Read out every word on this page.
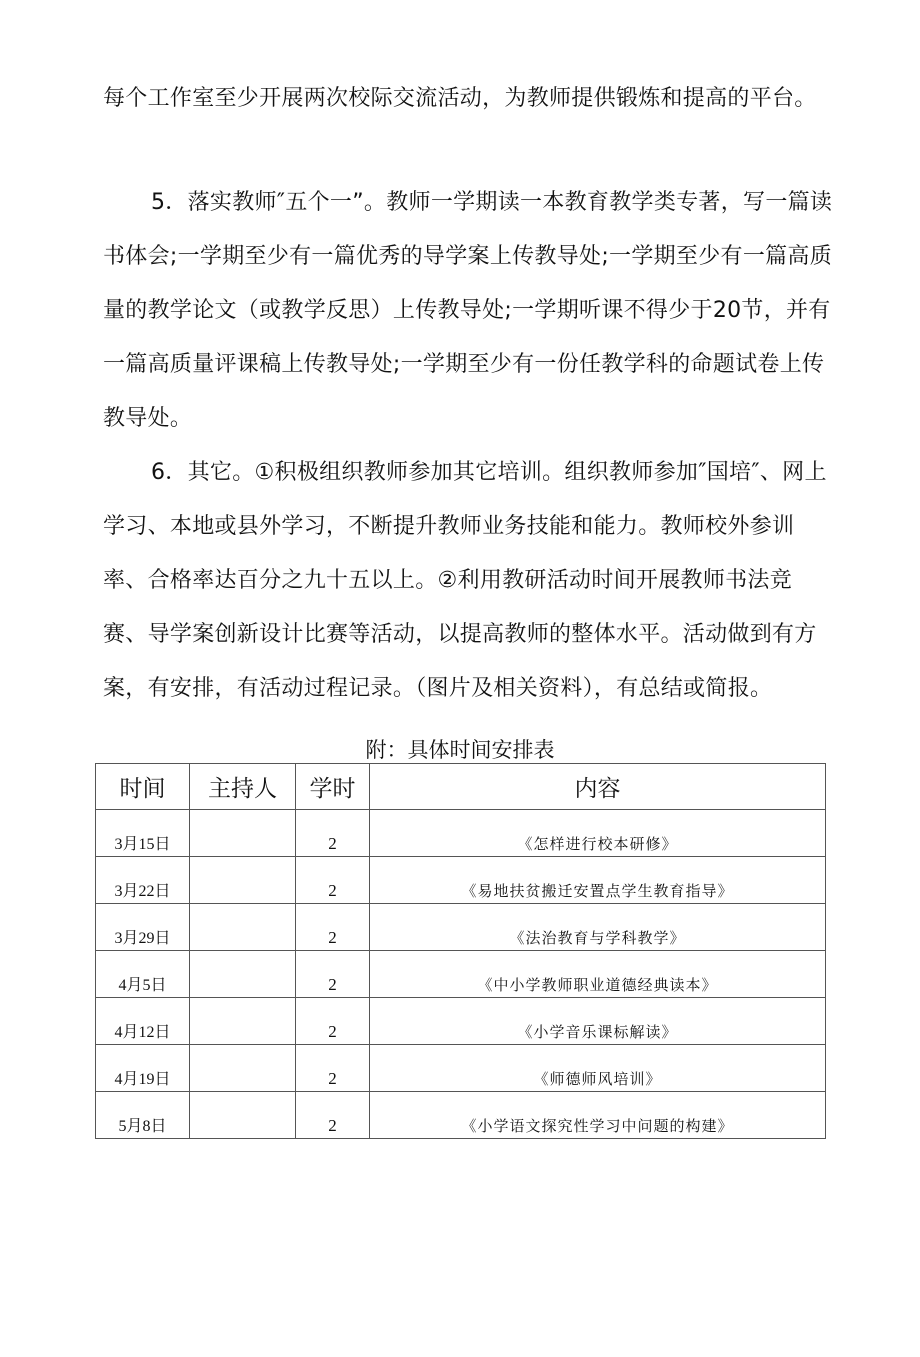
每个工作室至少开展两次校际交流活动，为教师提供锻炼和提高的平台。

5．落实教师″五个一”。教师一学期读一本教育教学类专著，写一篇读书体会;一学期至少有一篇优秀的导学案上传教导处;一学期至少有一篇高质量的教学论文（或教学反思）上传教导处;一学期听课不得少于20节，并有一篇高质量评课稿上传教导处;一学期至少有一份任教学科的命题试卷上传教导处。

6．其它。①积极组织教师参加其它培训。组织教师参加″国培″、网上学习、本地或县外学习，不断提升教师业务技能和能力。教师校外参训率、合格率达百分之九十五以上。②利用教研活动时间开展教师书法竞赛、导学案创新设计比赛等活动，以提高教师的整体水平。活动做到有方案，有安排，有活动过程记录。（图片及相关资料），有总结或简报。

附：具体时间安排表
时间	主持人	学时	内容
3月15日		2	《怎样进行校本研修》
3月22日		2	《易地扶贫搬迁安置点学生教育指导》
3月29日		2	《法治教育与学科教学》
4月5日		2	《中小学教师职业道德经典读本》
4月12日		2	《小学音乐课标解读》
4月19日		2	《师德师风培训》
5月8日		2	《小学语文探究性学习中问题的构建》
